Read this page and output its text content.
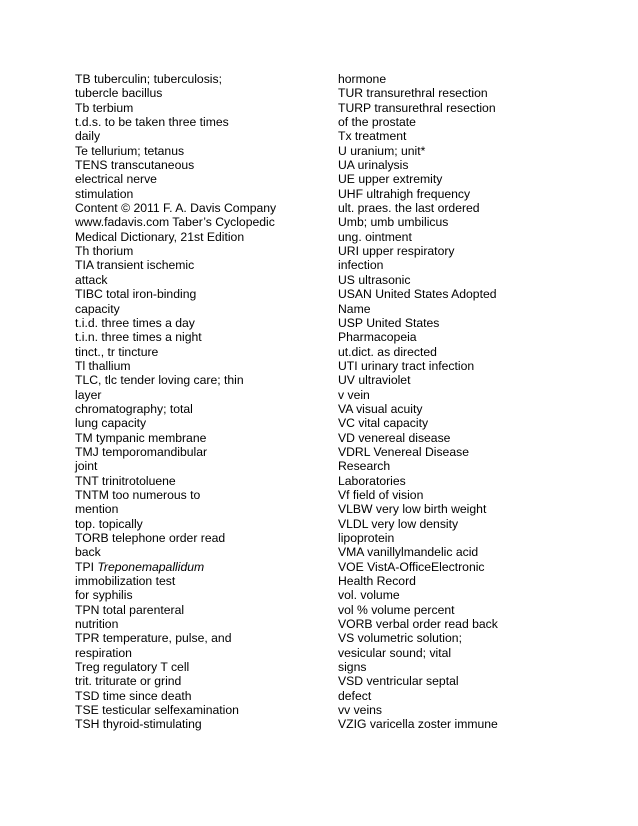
TB tuberculin; tuberculosis;
tubercle bacillus
Tb terbium
t.d.s. to be taken three times
daily
Te tellurium; tetanus
TENS transcutaneous
electrical nerve
stimulation
Content © 2011 F. A. Davis Company
www.fadavis.com Taber’s Cyclopedic
Medical Dictionary, 21st Edition
Th thorium
TIA transient ischemic
attack
TIBC total iron-binding
capacity
t.i.d. three times a day
t.i.n. three times a night
tinct., tr tincture
Tl thallium
TLC, tlc tender loving care; thin
layer
chromatography; total
lung capacity
TM tympanic membrane
TMJ temporomandibular
joint
TNT trinitrotoluene
TNTM too numerous to
mention
top. topically
TORB telephone order read
back
TPI Treponemapallidum
immobilization test
for syphilis
TPN total parenteral
nutrition
TPR temperature, pulse, and
respiration
Treg regulatory T cell
trit. triturate or grind
TSD time since death
TSE testicular selfexamination
TSH thyroid-stimulating
hormone
TUR transurethral resection
TURP transurethral resection
of the prostate
Tx treatment
U uranium; unit*
UA urinalysis
UE upper extremity
UHF ultrahigh frequency
ult. praes. the last ordered
Umb; umb umbilicus
ung. ointment
URI upper respiratory
infection
US ultrasonic
USAN United States Adopted
Name
USP United States
Pharmacopeia
ut.dict. as directed
UTI urinary tract infection
UV ultraviolet
v vein
VA visual acuity
VC vital capacity
VD venereal disease
VDRL Venereal Disease
Research
Laboratories
Vf field of vision
VLBW very low birth weight
VLDL very low density
lipoprotein
VMA vanillylmandelic acid
VOE VistA-OfficeElectronic
Health Record
vol. volume
vol % volume percent
VORB verbal order read back
VS volumetric solution;
vesicular sound; vital
signs
VSD ventricular septal
defect
vv veins
VZIG varicella zoster immune
